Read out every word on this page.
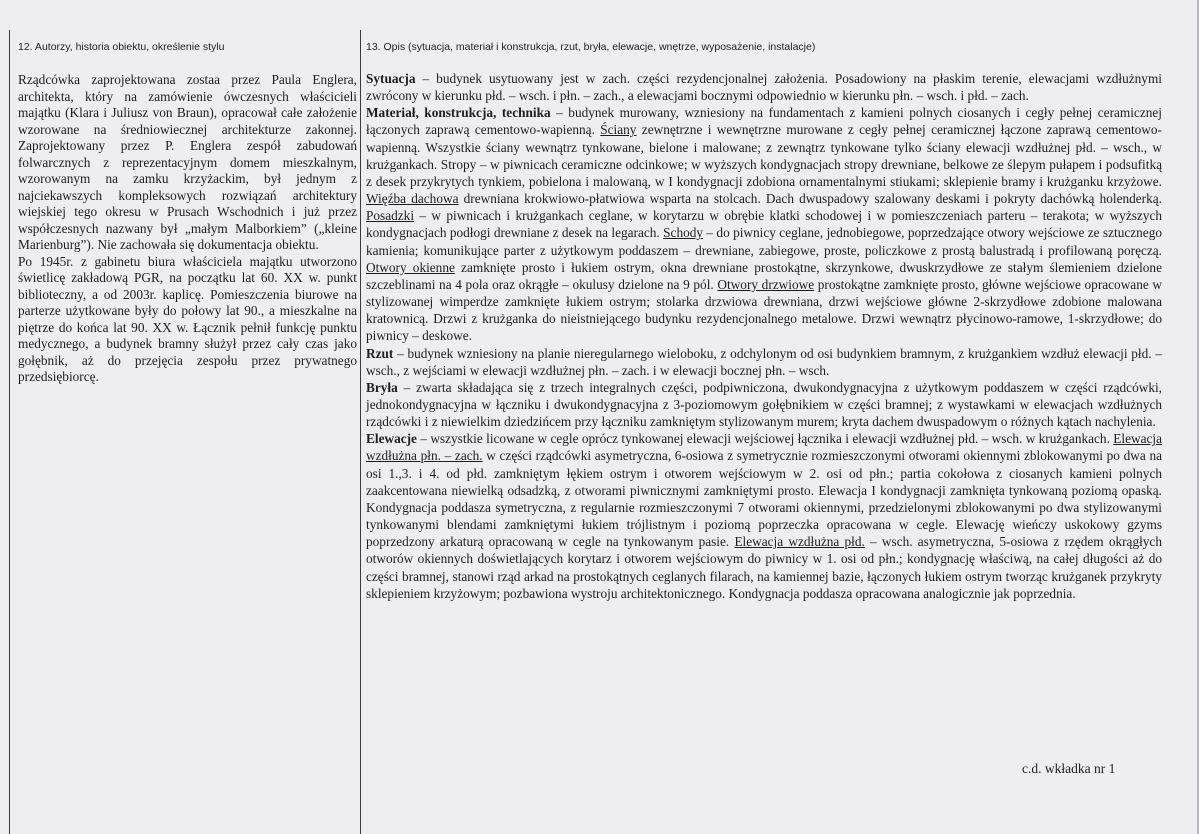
12. Autorzy, historia obiektu, określenie stylu	13. Opis (sytuacja, materiał i konstrukcja, rzut, bryła, elewacje, wnętrze, wyposażenie, instalacje)

Rządcówka zaprojektowana zostaa przez Paula Englera, architekta, który na zamówienie ówczesnych właścicieli majątku (Klara i Juliusz von Braun), opracował całe założenie wzorowane na średniowiecznej architekturze zakonnej. Zaprojektowany przez P. Englera zespół zabudowań folwarcznych z reprezentacyjnym domem mieszkalnym, wzorowanym na zamku krzyżackim, był jednym z najciekawszych kompleksowych rozwiązań architektury wiejskiej tego okresu w Prusach Wschodnich i już przez współczesnych nazwany był „małym Malborkiem” („kleine Marienburg”). Nie zachowała się dokumentacja obiektu.

Po 1945r. z gabinetu biura właściciela majątku utworzono świetlicę zakładową PGR, na początku lat 60. XX w. punkt biblioteczny, a od 2003r. kaplicę. Pomieszczenia biurowe na parterze użytkowane były do połowy lat 90., a mieszkalne na piętrze do końca lat 90. XX w. Łącznik pełnił funkcję punktu medycznego, a budynek bramny służył przez cały czas jako gołębnik, aż do przejęcia zespołu przez prywatnego przedsiębiorcę.

Sytuacja – budynek usytuowany jest w zach. części rezydencjonalnej założenia. Posadowiony na płaskim terenie, elewacjami wzdłużnymi zwrócony w kierunku płd. – wsch. i płn. – zach., a elewacjami bocznymi odpowiednio w kierunku płn. – wsch. i płd. – zach.

Materiał, konstrukcja, technika – budynek murowany, wzniesiony na fundamentach z kamieni polnych ciosanych i cegły pełnej ceramicznej łączonych zaprawą cementowo-wapienną. Ściany zewnętrzne i wewnętrzne murowane z cegły pełnej ceramicznej łączone zaprawą cementowo-wapienną. Wszystkie ściany wewnątrz tynkowane, bielone i malowane; z zewnątrz tynkowane tylko ściany elewacji wzdłużnej płd. – wsch., w krużgankach. Stropy – w piwnicach ceramiczne odcinkowe; w wyższych kondygnacjach stropy drewniane, belkowe ze ślepym pułapem i podsufitką z desek przykrytych tynkiem, pobielona i malowaną, w I kondygnacji zdobiona ornamentalnymi stiukami; sklepienie bramy i krużganku krzyżowe. Więźba dachowa drewniana krokwiowo-płatwiowa wsparta na stolcach. Dach dwuspadowy szalowany deskami i pokryty dachówką holenderką. Posadzki – w piwnicach i krużgankach ceglane, w korytarzu w obrębie klatki schodowej i w pomieszczeniach parteru – terakota; w wyższych kondygnacjach podłogi drewniane z desek na legarach. Schody – do piwnicy ceglane, jednobiegowe, poprzedzające otwory wejściowe ze sztucznego kamienia; komunikujące parter z użytkowym poddaszem – drewniane, zabiegowe, proste, policzkowe z prostą balustradą i profilowaną poręczą. Otwory okienne zamknięte prosto i łukiem ostrym, okna drewniane prostokątne, skrzynkowe, dwuskrzydłowe ze stałym ślemieniem dzielone szczeblinami na 4 pola oraz okrągłe – okulusy dzielone na 9 pól. Otwory drzwiowe prostokątne zamknięte prosto, główne wejściowe opracowane w stylizowanej wimperdze zamknięte łukiem ostrym; stolarka drzwiowa drewniana, drzwi wejściowe główne 2-skrzydłowe zdobione malowana kratownicą. Drzwi z krużganka do nieistniejącego budynku rezydencjonalnego metalowe. Drzwi wewnątrz płycinowo-ramowe, 1-skrzydłowe; do piwnicy – deskowe.

Rzut – budynek wzniesiony na planie nieregularnego wieloboku, z odchylonym od osi budynkiem bramnym, z krużgankiem wzdłuż elewacji płd. – wsch., z wejściami w elewacji wzdłużnej płn. – zach. i w elewacji bocznej płn. – wsch.

Bryła – zwarta składająca się z trzech integralnych części, podpiwniczona, dwukondygnacyjna z użytkowym poddaszem w części rządcówki, jednokondygnacyjna w łączniku i dwukondygnacyjna z 3-poziomowym gołębnikiem w części bramnej; z wystawkami w elewacjach wzdłużnych rządcówki i z niewielkim dziedzińcem przy łączniku zamkniętym stylizowanym murem; kryta dachem dwuspadowym o różnych kątach nachylenia.

Elewacje – wszystkie licowane w cegle oprócz tynkowanej elewacji wejściowej łącznika i elewacji wzdłużnej płd. – wsch. w krużgankach. Elewacja wzdłużna płn. – zach. w części rządcówki asymetryczna, 6-osiowa z symetrycznie rozmieszczonymi otworami okiennymi zblokowanymi po dwa na osi 1.,3. i 4. od płd. zamkniętym łękiem ostrym i otworem wejściowym w 2. osi od płn.; partia cokołowa z ciosanych kamieni polnych zaakcentowana niewielką odsadzką, z otworami piwnicznymi zamkniętymi prosto. Elewacja I kondygnacji zamknięta tynkowaną poziomą opaską. Kondygnacja poddasza symetryczna, z regularnie rozmieszczonymi 7 otworami okiennymi, przedzielonymi zblokowanymi po dwa stylizowanymi tynkowanymi blendami zamkniętymi łukiem trójlistnym i poziomą poprzeczka opracowana w cegle. Elewację wieńczy uskokowy gzyms poprzedzony arkaturą opracowaną w cegle na tynkowanym pasie. Elewacja wzdłużna płd. – wsch. asymetryczna, 5-osiowa z rzędem okrągłych otworów okiennych doświetlających korytarz i otworem wejściowym do piwnicy w 1. osi od płn.; kondygnację właściwą, na całej długości aż do części bramnej, stanowi rząd arkad na prostokątnych ceglanych filarach, na kamiennej bazie, łączonych łukiem ostrym tworząc krużganek przykryty sklepieniem krzyżowym; pozbawiona wystroju architektonicznego. Kondygnacja poddasza opracowana analogicznie jak poprzednia.

c.d. wkładka nr 1
